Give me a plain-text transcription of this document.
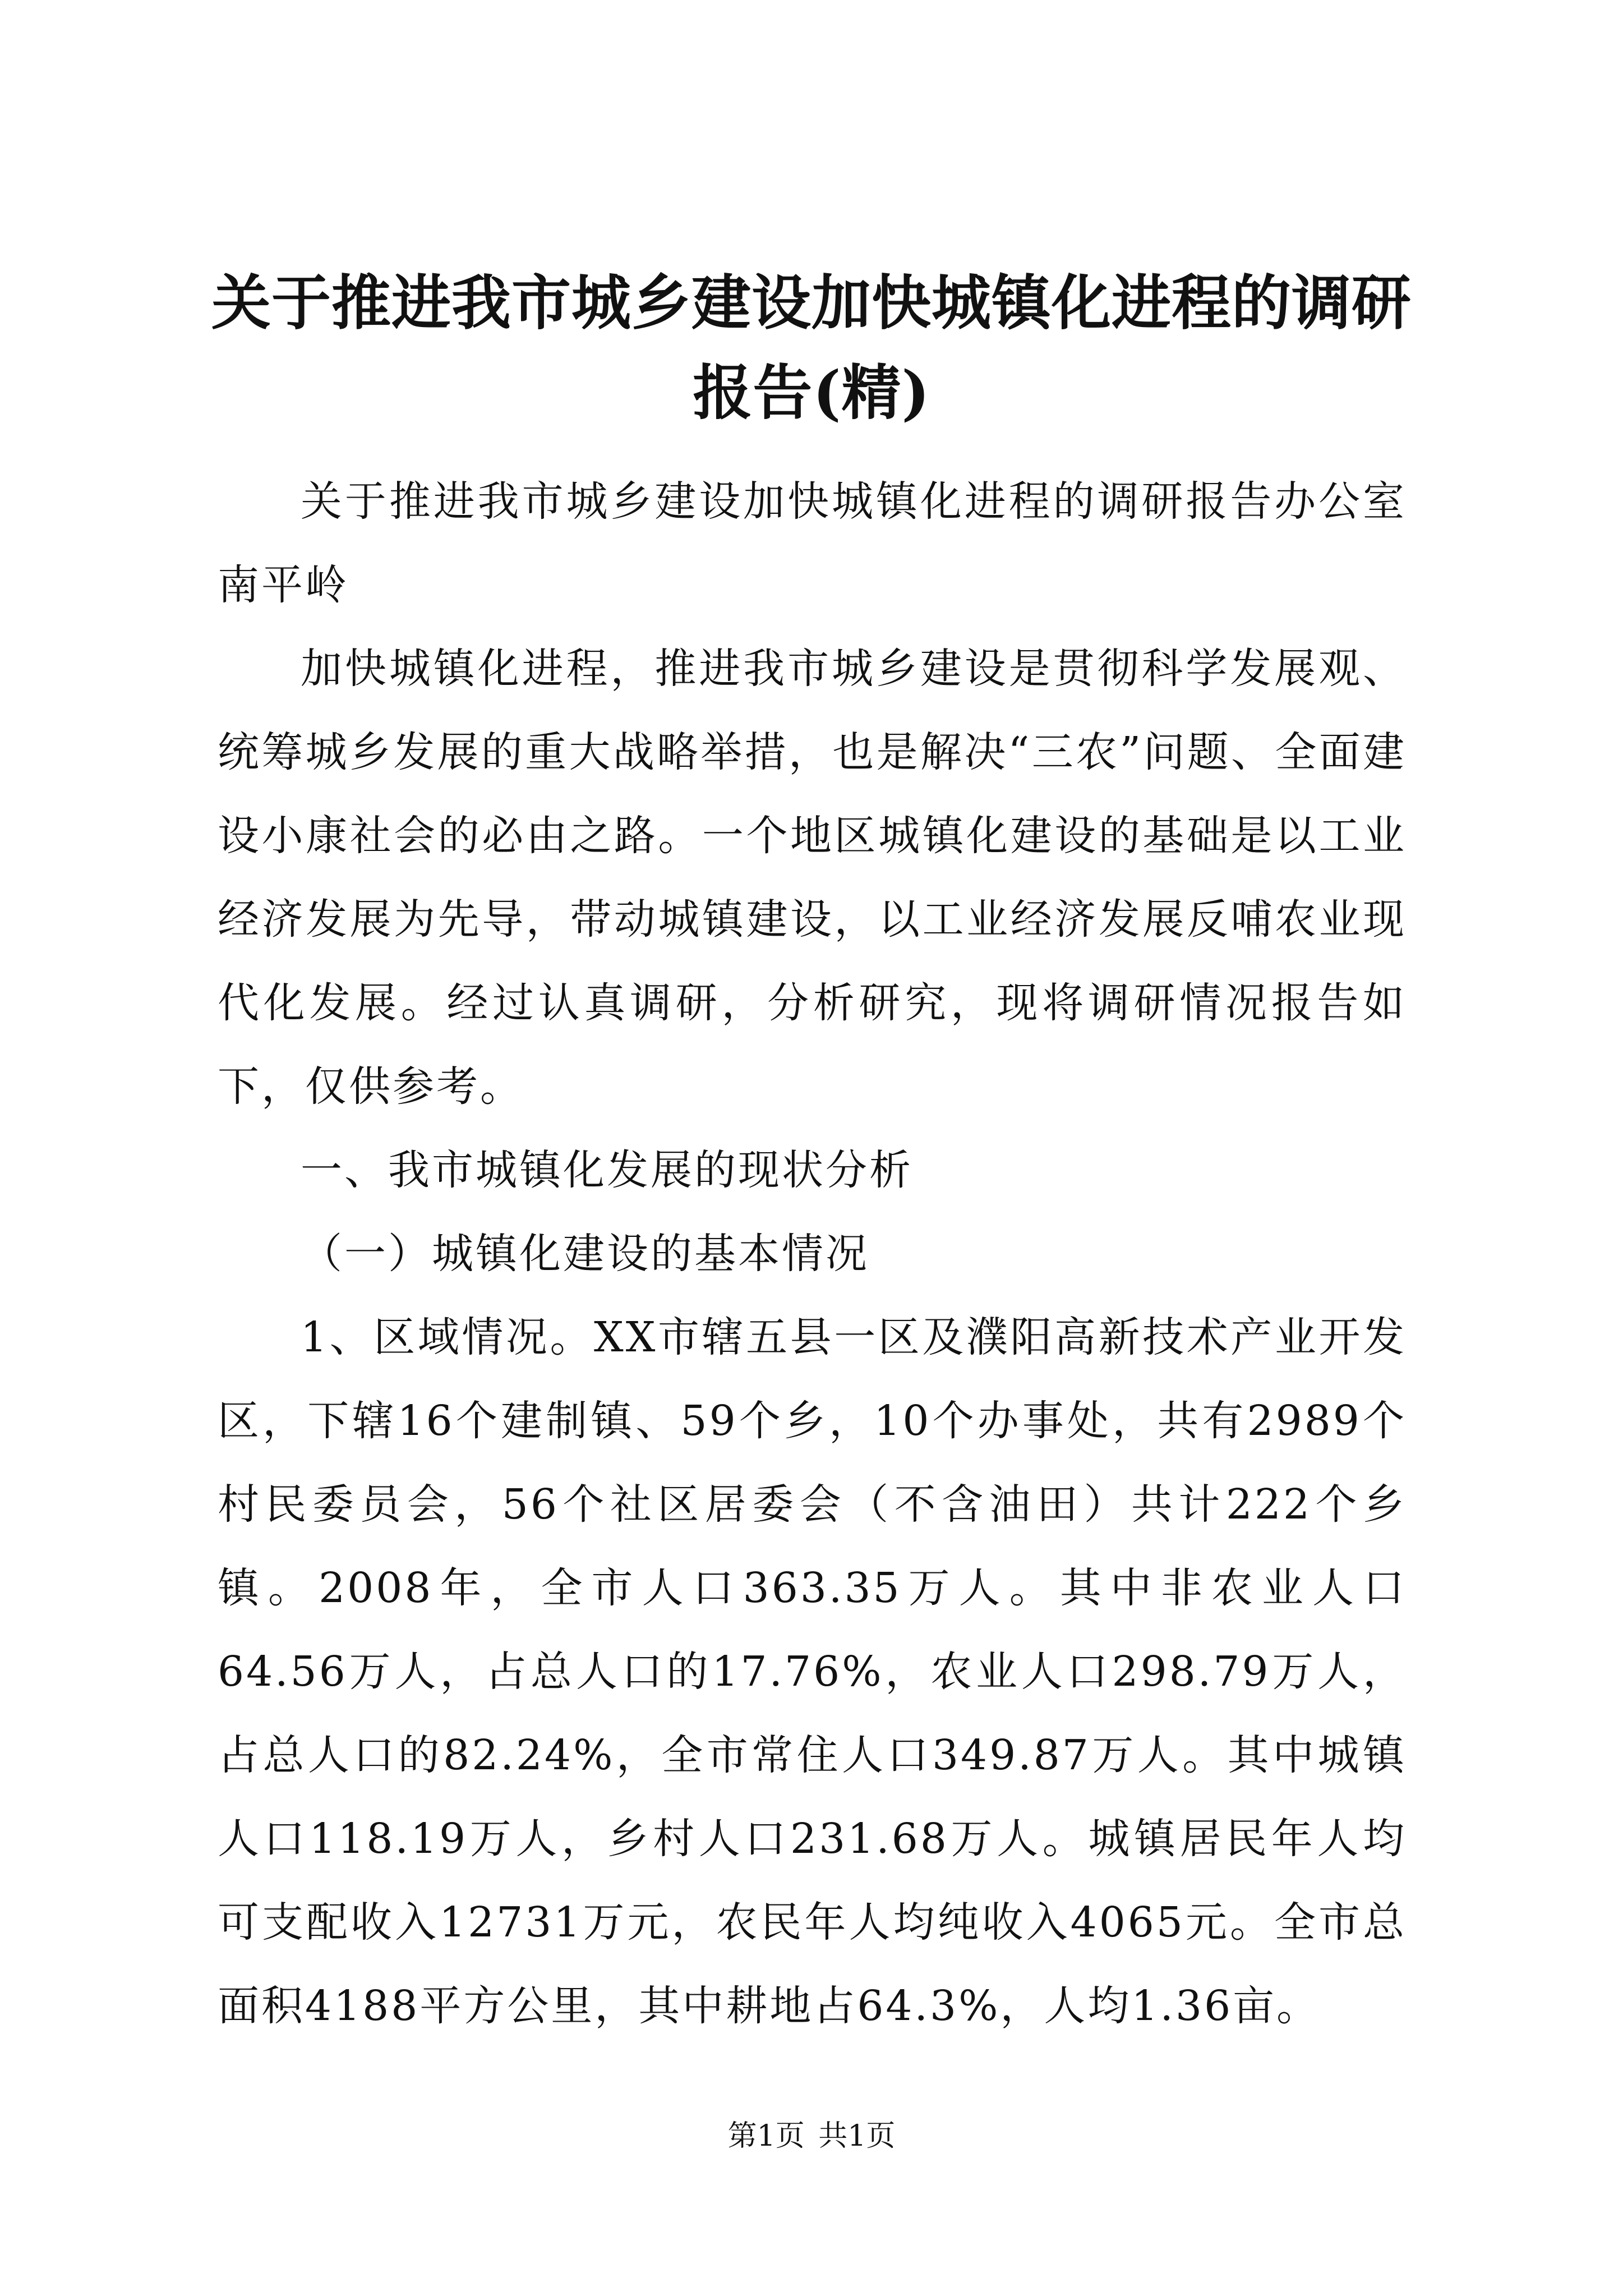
关于推进我市城乡建设加快城镇化进程的调研报告(精)

关于推进我市城乡建设加快城镇化进程的调研报告办公室南平岭

加快城镇化进程，推进我市城乡建设是贯彻科学发展观、统筹城乡发展的重大战略举措，也是解决“三农”问题、全面建设小康社会的必由之路。一个地区城镇化建设的基础是以工业经济发展为先导，带动城镇建设，以工业经济发展反哺农业现代化发展。经过认真调研，分析研究，现将调研情况报告如下，仅供参考。

一、我市城镇化发展的现状分析

（一）城镇化建设的基本情况

1、区域情况。XX市辖五县一区及濮阳高新技术产业开发区，下辖16个建制镇、59个乡，10个办事处，共有2989个村民委员会，56个社区居委会（不含油田）共计222个乡镇。2008年，全市人口363.35万人。其中非农业人口64.56万人，占总人口的17.76%，农业人口298.79万人，占总人口的82.24%，全市常住人口349.87万人。其中城镇人口118.19万人，乡村人口231.68万人。城镇居民年人均可支配收入12731万元，农民年人均纯收入4065元。全市总面积4188平方公里，其中耕地占64.3%，人均1.36亩。

第1页 共1页
